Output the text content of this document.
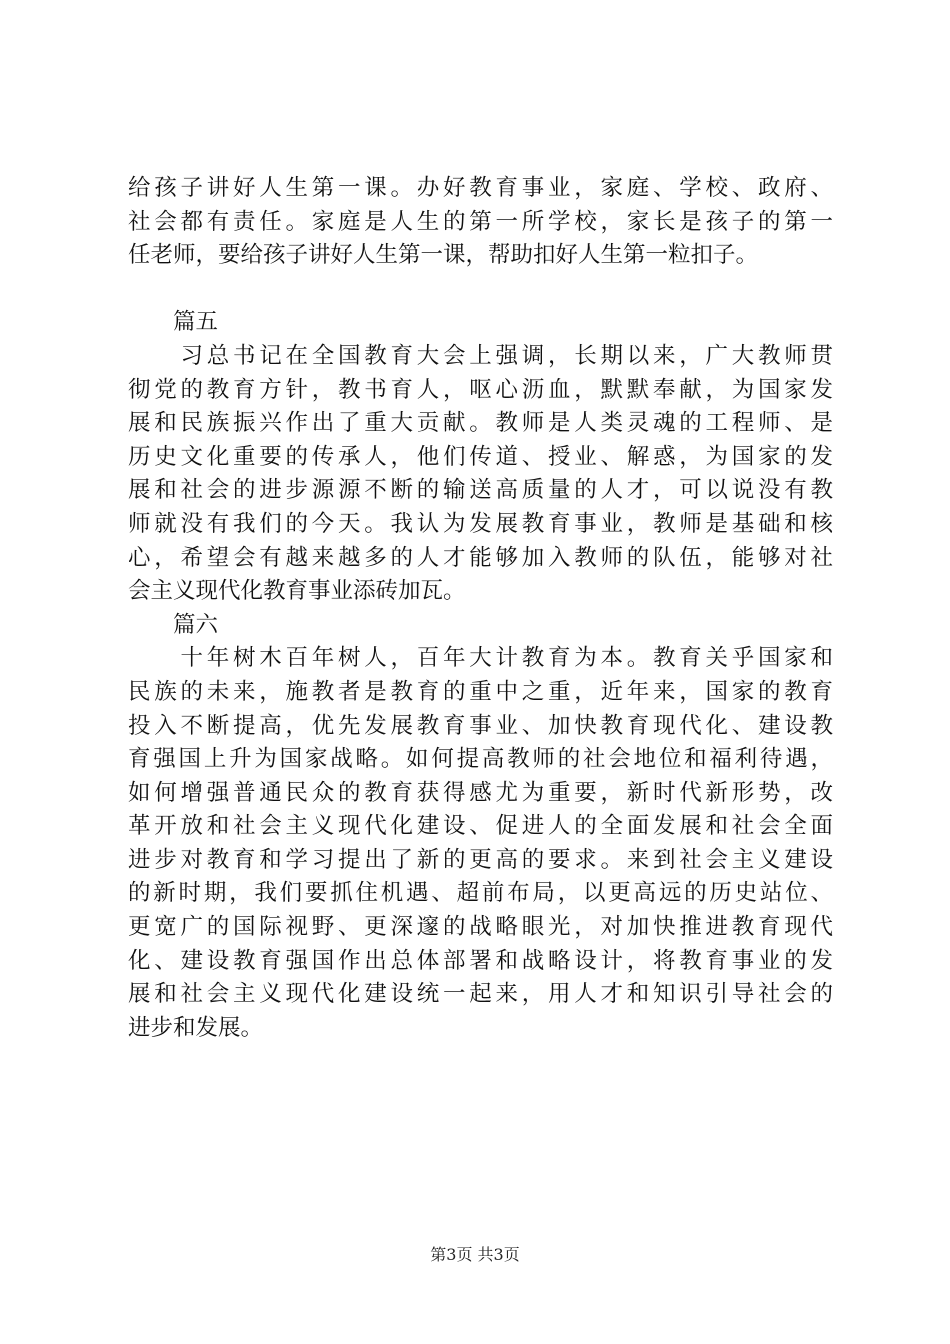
给孩子讲好人生第一课。办好教育事业，家庭、学校、政府、
社会都有责任。家庭是人生的第一所学校，家长是孩子的第一
任老师，要给孩子讲好人生第一课，帮助扣好人生第一粒扣子。
　　篇五
　　习总书记在全国教育大会上强调，长期以来，广大教师贯
彻党的教育方针，教书育人，呕心沥血，默默奉献，为国家发
展和民族振兴作出了重大贡献。教师是人类灵魂的工程师、是
历史文化重要的传承人，他们传道、授业、解惑，为国家的发
展和社会的进步源源不断的输送高质量的人才，可以说没有教
师就没有我们的今天。我认为发展教育事业，教师是基础和核
心，希望会有越来越多的人才能够加入教师的队伍，能够对社
会主义现代化教育事业添砖加瓦。
　　篇六
　　十年树木百年树人，百年大计教育为本。教育关乎国家和
民族的未来，施教者是教育的重中之重，近年来，国家的教育
投入不断提高，优先发展教育事业、加快教育现代化、建设教
育强国上升为国家战略。如何提高教师的社会地位和福利待遇，
如何增强普通民众的教育获得感尤为重要，新时代新形势，改
革开放和社会主义现代化建设、促进人的全面发展和社会全面
进步对教育和学习提出了新的更高的要求。来到社会主义建设
的新时期，我们要抓住机遇、超前布局，以更高远的历史站位、
更宽广的国际视野、更深邃的战略眼光，对加快推进教育现代
化、建设教育强国作出总体部署和战略设计，将教育事业的发
展和社会主义现代化建设统一起来，用人才和知识引导社会的
进步和发展。
第3页 共3页
